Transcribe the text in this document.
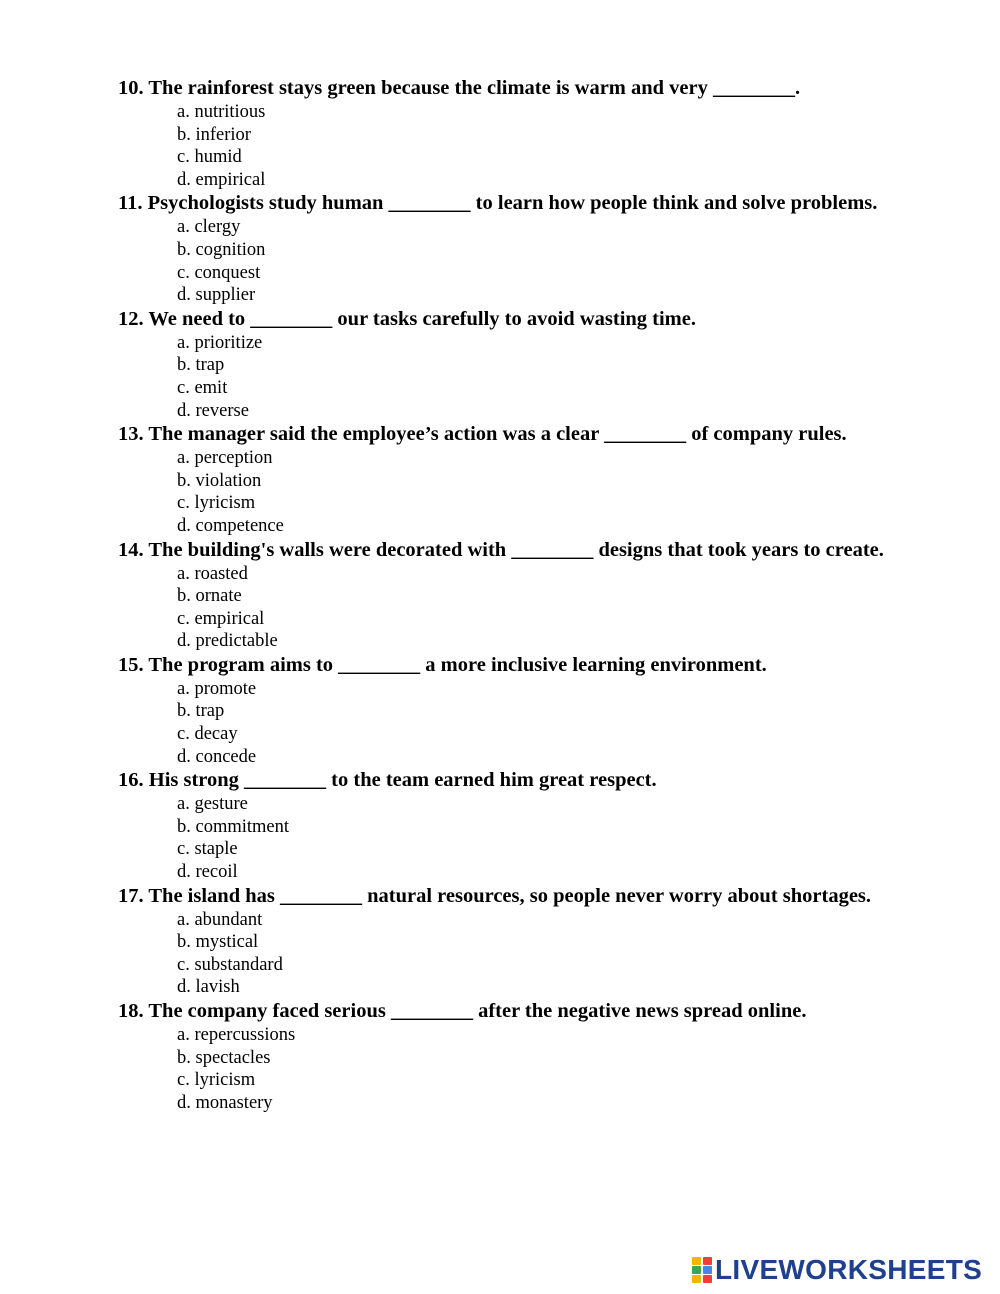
10. The rainforest stays green because the climate is warm and very ________.

a. nutritious
b. inferior
c. humid
d. empirical

11. Psychologists study human ________ to learn how people think and solve problems.

a. clergy
b. cognition
c. conquest
d. supplier

12. We need to ________ our tasks carefully to avoid wasting time.

a. prioritize
b. trap
c. emit
d. reverse

13. The manager said the employee’s action was a clear ________ of company rules.

a. perception
b. violation
c. lyricism
d. competence

14. The building's walls were decorated with ________ designs that took years to create.

a. roasted
b. ornate
c. empirical
d. predictable

15. The program aims to ________ a more inclusive learning environment.

a. promote
b. trap
c. decay
d. concede

16. His strong ________ to the team earned him great respect.

a. gesture
b. commitment
c. staple
d. recoil

17. The island has ________ natural resources, so people never worry about shortages.

a. abundant
b. mystical
c. substandard
d. lavish

18. The company faced serious ________ after the negative news spread online.

a. repercussions
b. spectacles
c. lyricism
d. monastery
LIVEWORKSHEETS
